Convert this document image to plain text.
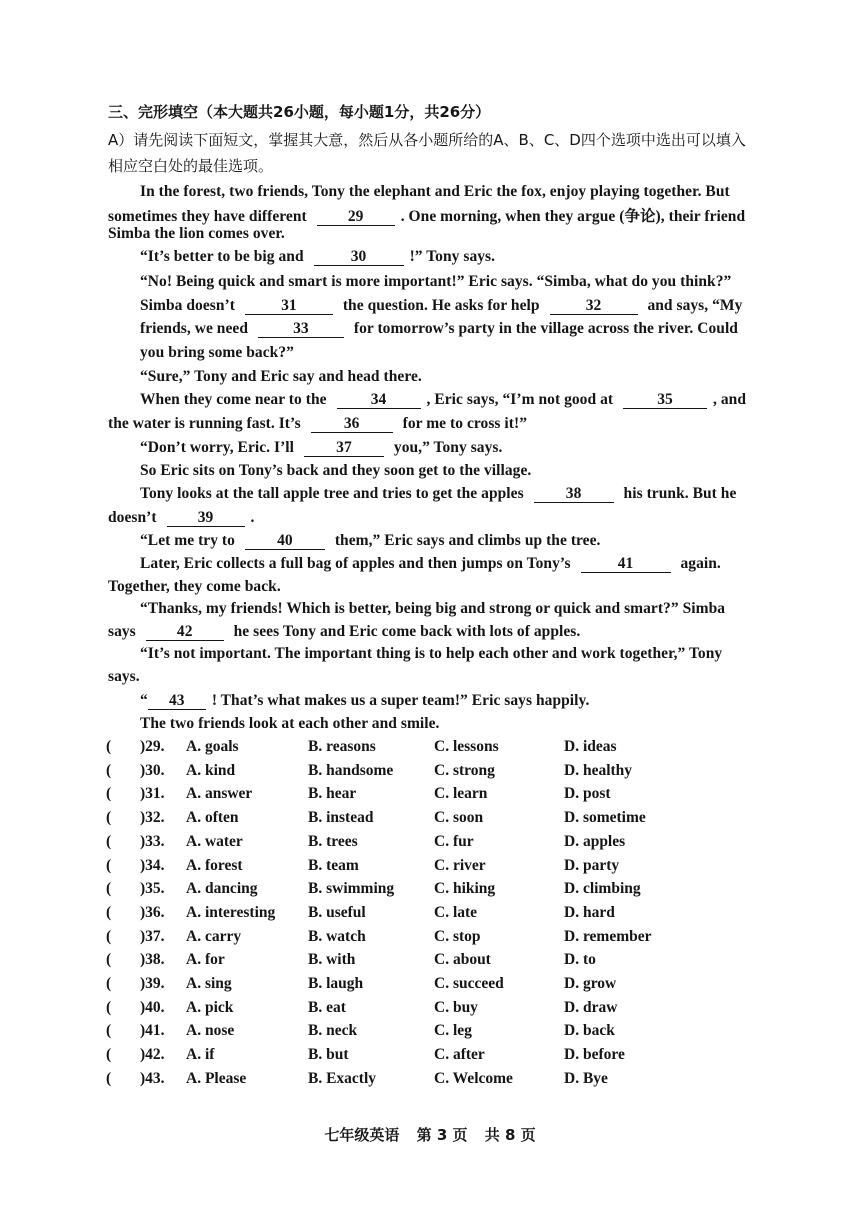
三、完形填空（本大题共26小题，每小题1分，共26分）
A）请先阅读下面短文，掌握其大意，然后从各小题所给的A、B、C、D四个选项中选出可以填入相应空白处的最佳选项。
In the forest, two friends, Tony the elephant and Eric the fox, enjoy playing together. But
sometimes they have different	29 . One morning, when they argue (争论), their friend
Simba the lion comes over.
“It’s better to be big and	30	!” Tony says.
“No! Being quick and smart is more important!” Eric says. “Simba, what do you think?”
Simba doesn’t	31	the question. He asks for help	32	and says, “My
friends, we need	33	for tomorrow’s party in the village across the river. Could
you bring some back?”
“Sure,” Tony and Eric say and head there.
When they come near to the	34	, Eric says, “I’m not good at	35	, and
the water is running fast. It’s	36	for me to cross it!”
“Don’t worry, Eric. I’ll	37	you,” Tony says.
So Eric sits on Tony’s back and they soon get to the village.
Tony looks at the tall apple tree and tries to get the apples	38	his trunk. But he
doesn’t	39 .
“Let me try to	40	them,” Eric says and climbs up the tree.
Later, Eric collects a full bag of apples and then jumps on Tony’s	41	again.
Together, they come back.
“Thanks, my friends! Which is better, being big and strong or quick and smart?” Simba
says	42	he sees Tony and Eric come back with lots of apples.
“It’s not important. The important thing is to help each other and work together,” Tony
says.
“ 43 ! That’s what makes us a super team!” Eric says happily.
The two friends look at each other and smile.
( )29. A. goals	B. reasons	C. lessons	D. ideas
( )30. A. kind	B. handsome	C. strong	D. healthy
( )31. A. answer	B. hear	C. learn	D. post
( )32. A. often	B. instead	C. soon	D. sometime
( )33. A. water	B. trees	C. fur	D. apples
( )34. A. forest	B. team	C. river	D. party
( )35. A. dancing	B. swimming	C. hiking	D. climbing
( )36. A. interesting B. useful	C. late	D. hard
( )37. A. carry	B. watch	C. stop	D. remember
( )38. A. for	B. with	C. about	D. to
( )39. A. sing	B. laugh	C. succeed	D. grow
( )40. A. pick	B. eat	C. buy	D. draw
( )41. A. nose	B. neck	C. leg	D. back
( )42. A. if	B. but	C. after	D. before
( )43. A. Please	B. Exactly	C. Welcome	D. Bye
七年级英语 第 3 页 共 8 页
